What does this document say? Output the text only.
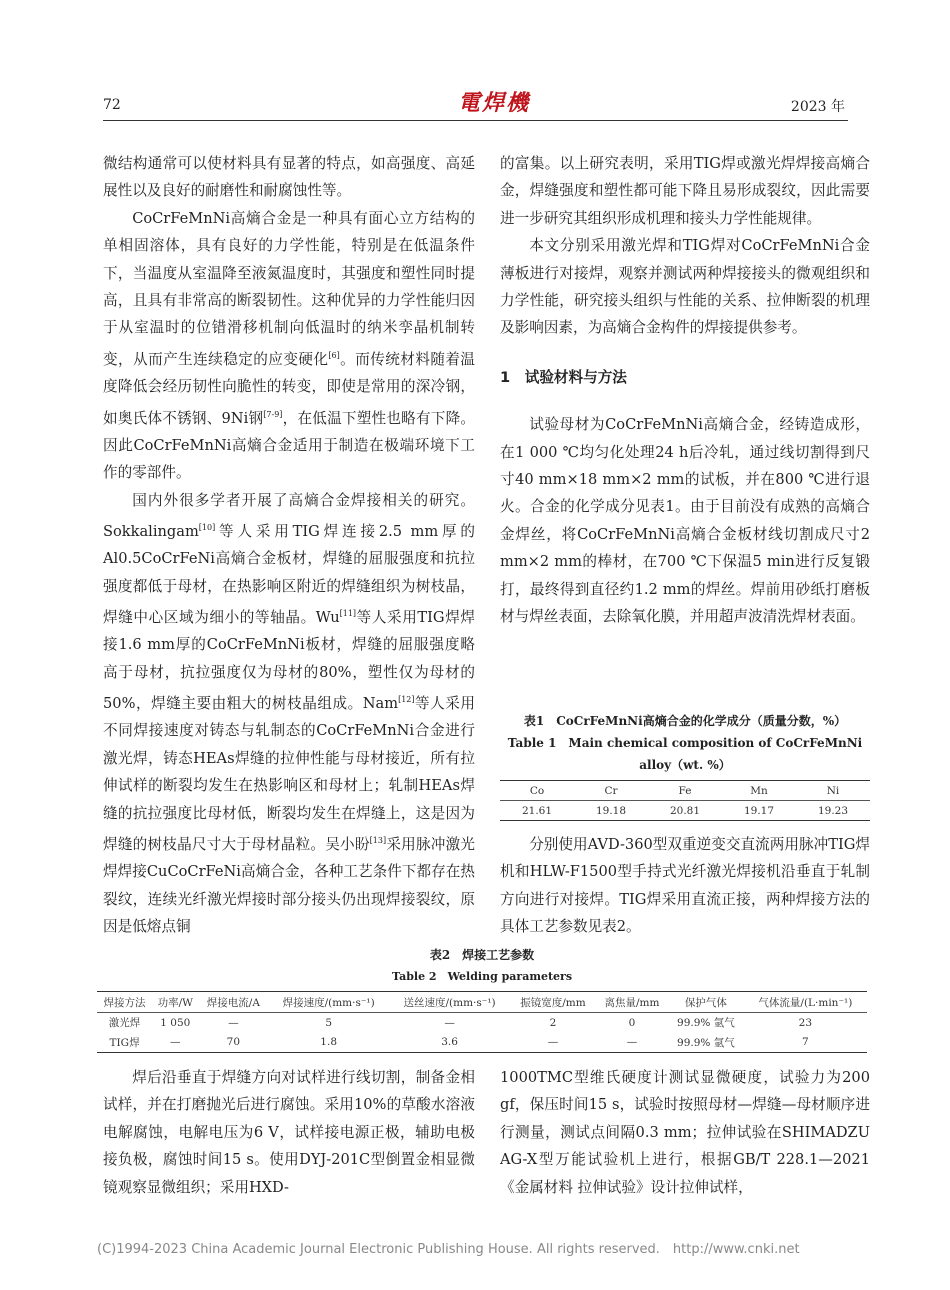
72	電焊機	2023 年

微结构通常可以使材料具有显著的特点，如高强度、高延展性以及良好的耐磨性和耐腐蚀性等。

CoCrFeMnNi高熵合金是一种具有面心立方结构的单相固溶体，具有良好的力学性能，特别是在低温条件下，当温度从室温降至液氮温度时，其强度和塑性同时提高，且具有非常高的断裂韧性。这种优异的力学性能归因于从室温时的位错滑移机制向低温时的纳米孪晶机制转变，从而产生连续稳定的应变硬化[6]。而传统材料随着温度降低会经历韧性向脆性的转变，即使是常用的深冷钢，如奥氏体不锈钢、9Ni钢[7-9]，在低温下塑性也略有下降。因此CoCrFeMnNi高熵合金适用于制造在极端环境下工作的零部件。

国内外很多学者开展了高熵合金焊接相关的研究。Sokkalingam[10]等人采用TIG焊连接2.5 mm厚的Al0.5CoCrFeNi高熵合金板材，焊缝的屈服强度和抗拉强度都低于母材，在热影响区附近的焊缝组织为树枝晶，焊缝中心区域为细小的等轴晶。Wu[11]等人采用TIG焊焊接1.6 mm厚的CoCrFeMnNi板材，焊缝的屈服强度略高于母材，抗拉强度仅为母材的80%，塑性仅为母材的50%，焊缝主要由粗大的树枝晶组成。Nam[12]等人采用不同焊接速度对铸态与轧制态的CoCrFeMnNi合金进行激光焊，铸态HEAs焊缝的拉伸性能与母材接近，所有拉伸试样的断裂均发生在热影响区和母材上；轧制HEAs焊缝的抗拉强度比母材低，断裂均发生在焊缝上，这是因为焊缝的树枝晶尺寸大于母材晶粒。吴小盼[13]采用脉冲激光焊焊接CuCoCrFeNi高熵合金，各种工艺条件下都存在热裂纹，连续光纤激光焊接时部分接头仍出现焊接裂纹，原因是低熔点铜

的富集。以上研究表明，采用TIG焊或激光焊焊接高熵合金，焊缝强度和塑性都可能下降且易形成裂纹，因此需要进一步研究其组织形成机理和接头力学性能规律。

本文分别采用激光焊和TIG焊对CoCrFeMnNi合金薄板进行对接焊，观察并测试两种焊接接头的微观组织和力学性能，研究接头组织与性能的关系、拉伸断裂的机理及影响因素，为高熵合金构件的焊接提供参考。

1　试验材料与方法

试验母材为CoCrFeMnNi高熵合金，经铸造成形，在1 000 ℃均匀化处理24 h后冷轧，通过线切割得到尺寸40 mm×18 mm×2 mm的试板，并在800 ℃进行退火。合金的化学成分见表1。由于目前没有成熟的高熵合金焊丝，将CoCrFeMnNi高熵合金板材线切割成尺寸2 mm×2 mm的棒材，在700 ℃下保温5 min进行反复锻打，最终得到直径约1.2 mm的焊丝。焊前用砂纸打磨板材与焊丝表面，去除氧化膜，并用超声波清洗焊材表面。

表1　CoCrFeMnNi高熵合金的化学成分（质量分数，%）
Table 1　Main chemical composition of CoCrFeMnNi
alloy（wt. %）
Co	Cr	Fe	Mn	Ni
21.61	19.18	20.81	19.17	19.23

分别使用AVD-360型双重逆变交直流两用脉冲TIG焊机和HLW-F1500型手持式光纤激光焊接机沿垂直于轧制方向进行对接焊。TIG焊采用直流正接，两种焊接方法的具体工艺参数见表2。

表2　焊接工艺参数
Table 2　Welding parameters
焊接方法	功率/W	焊接电流/A	焊接速度/(mm·s⁻¹)	送丝速度/(mm·s⁻¹)	振镜宽度/mm	离焦量/mm	保护气体	气体流量/(L·min⁻¹)
激光焊	1 050	—	5	—	2	0	99.9% 氩气	23
TIG焊	—	70	1.8	3.6	—	—	99.9% 氩气	7

焊后沿垂直于焊缝方向对试样进行线切割，制备金相试样，并在打磨抛光后进行腐蚀。采用10%的草酸水溶液电解腐蚀，电解电压为6 V，试样接电源正极，辅助电极接负极，腐蚀时间15 s。使用DYJ-201C型倒置金相显微镜观察显微组织；采用HXD-

1000TMC型维氏硬度计测试显微硬度，试验力为200 gf，保压时间15 s，试验时按照母材—焊缝—母材顺序进行测量，测试点间隔0.3 mm；拉伸试验在SHIMADZU AG-X型万能试验机上进行，根据GB/T 228.1—2021《金属材料 拉伸试验》设计拉伸试样，

(C)1994-2023 China Academic Journal Electronic Publishing House. All rights reserved.　http://www.cnki.net
